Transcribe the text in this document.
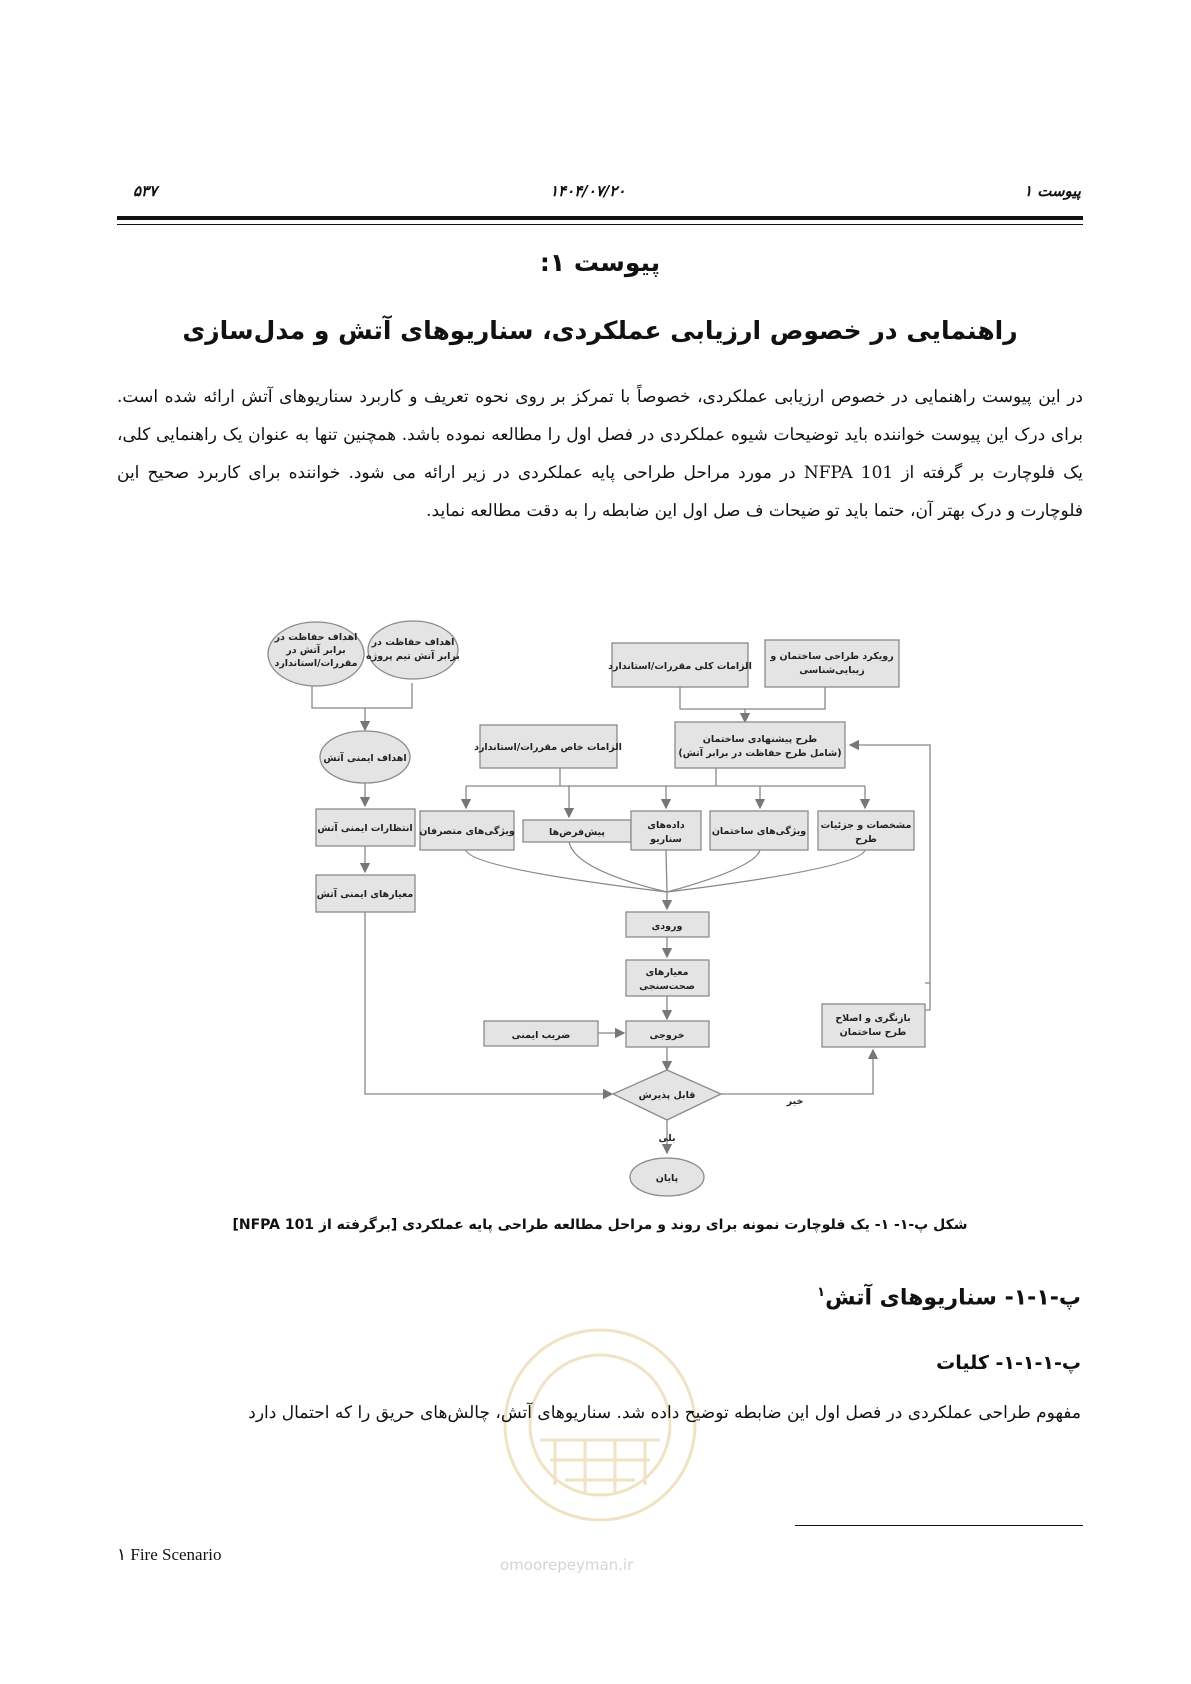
۵۳۷	۱۴۰۴/۰۷/۲۰	پیوست ۱
پیوست ۱:
راهنمایی در خصوص ارزیابی عملکردی، سناریوهای آتش و مدل‌سازی
در این پیوست راهنمایی در خصوص ارزیابی عملکردی، خصوصاً با تمرکز بر روی نحوه تعریف و کاربرد سناریوهای آتش ارائه شده است. برای درک این پیوست خواننده باید توضیحات شیوه عملکردی در فصل اول را مطالعه نموده باشد. همچنین تنها به عنوان یک راهنمایی کلی، یک فلوچارت بر گرفته از NFPA 101 در مورد مراحل طراحی پایه عملکردی در زیر ارائه می شود. خواننده برای کاربرد صحیح این فلوچارت و درک بهتر آن، حتما باید تو ضیحات ف صل اول این ضابطه را به دقت مطالعه نماید.
اهداف حفاظت در
برابر آتش در
مقررات/استاندارد
اهداف حفاظت در
برابر آتش تیم پروژه
الزامات کلی مقررات/استاندارد
رویکرد طراحی ساختمان و
زیبایی‌شناسی
الزامات خاص مقررات/استاندارد
طرح پیشنهادی ساختمان
(شامل طرح حفاظت در برابر آتش)
اهداف ایمنی آتش
انتظارات ایمنی آتش
معیارهای ایمنی آتش
ویژگی‌های متصرفان	پیش‌فرض‌ها
داده‌های
سناریو
ویژگی‌های ساختمان
مشخصات و جزئیات
طرح
ورودی
معیارهای
صحت‌سنجی
ضریب ایمنی	خروجی
بازنگری و اصلاح
طرح ساختمان
قابل پذیرش
خیر
بلی
پایان
شکل پ-۱- ۱- یک فلوچارت نمونه برای روند و مراحل مطالعه طراحی پایه عملکردی [برگرفته از NFPA 101]
پ-۱-۱- سناریوهای آتش$^۱$
پ-۱-۱-۱- کلیات
مفهوم طراحی عملکردی در فصل اول این ضابطه توضیح داده شد. سناریوهای آتش، چالش‌های حریق را که احتمال دارد
۱ Fire Scenario
omoorepeyman.ir
